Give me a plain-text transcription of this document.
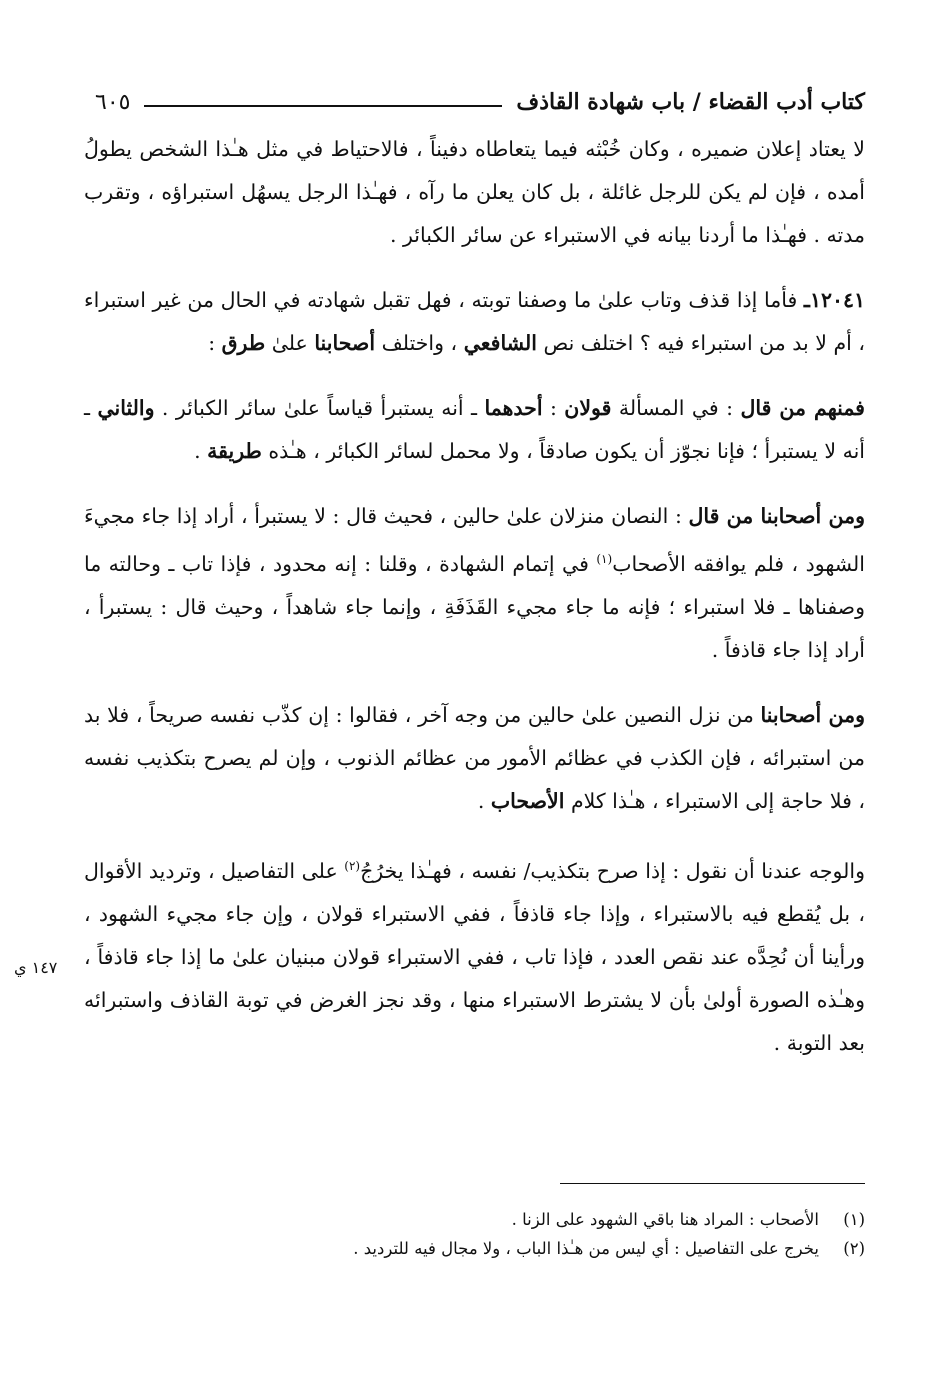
كتاب أدب القضاء / باب شهادة القاذف
٦٠٥

لا يعتاد إعلان ضميره ، وكان خُبْثه فيما يتعاطاه دفيناً ، فالاحتياط في مثل هـٰذا الشخص يطولُ أمده ، فإن لم يكن للرجل غائلة ، بل كان يعلن ما رآه ، فهـٰذا الرجل يسهُل استبراؤه ، وتقرب مدته . فهـٰذا ما أردنا بيانه في الاستبراء عن سائر الكبائر .

١٢٠٤١ـ فأما إذا قذف وتاب علىٰ ما وصفنا توبته ، فهل تقبل شهادته في الحال من غير استبراء ، أم لا بد من استبراء فيه ؟ اختلف نص الشافعي ، واختلف أصحابنا علىٰ طرق :

فمنهم من قال : في المسألة قولان : أحدهما ـ أنه يستبرأ قياساً علىٰ سائر الكبائر . والثاني ـ أنه لا يستبرأ ؛ فإنا نجوّز أن يكون صادقاً ، ولا محمل لسائر الكبائر ، هـٰذه طريقة .

ومن أصحابنا من قال : النصان منزلان علىٰ حالين ، فحيث قال : لا يستبرأ ، أراد إذا جاء مجيءَ الشهود ، فلم يوافقه الأصحاب$^{(١)}$ في إتمام الشهادة ، وقلنا : إنه محدود ، فإذا تاب ـ وحالته ما وصفناها ـ فلا استبراء ؛ فإنه ما جاء مجيء القَذَفَةِ ، وإنما جاء شاهداً ، وحيث قال : يستبرأ ، أراد إذا جاء قاذفاً .

ومن أصحابنا من نزل النصين علىٰ حالين من وجه آخر ، فقالوا : إن كذّب نفسه صريحاً ، فلا بد من استبرائه ، فإن الكذب في عظائم الأمور من عظائم الذنوب ، وإن لم يصرح بتكذيب نفسه ، فلا حاجة إلى الاستبراء ، هـٰذا كلام الأصحاب .

والوجه عندنا أن نقول : إذا صرح بتكذيب/ نفسه ، فهـٰذا يخرُجُ$^{(٢)}$ على التفاصيل ، وترديد الأقوال ، بل يُقطع فيه بالاستبراء ، وإذا جاء قاذفاً ، ففي الاستبراء قولان ، وإن جاء مجيء الشهود ، ورأينا أن نُحِدَّه عند نقص العدد ، فإذا تاب ، ففي الاستبراء قولان مبنيان علىٰ ما إذا جاء قاذفاً ، وهـٰذه الصورة أولىٰ بأن لا يشترط الاستبراء منها ، وقد نجز الغرض في توبة القاذف واستبرائه بعد التوبة .

١٤٧ ي
(١)
الأصحاب : المراد هنا باقي الشهود على الزنا .
(٢)
يخرج على التفاصيل : أي ليس من هـٰذا الباب ، ولا مجال فيه للترديد .
